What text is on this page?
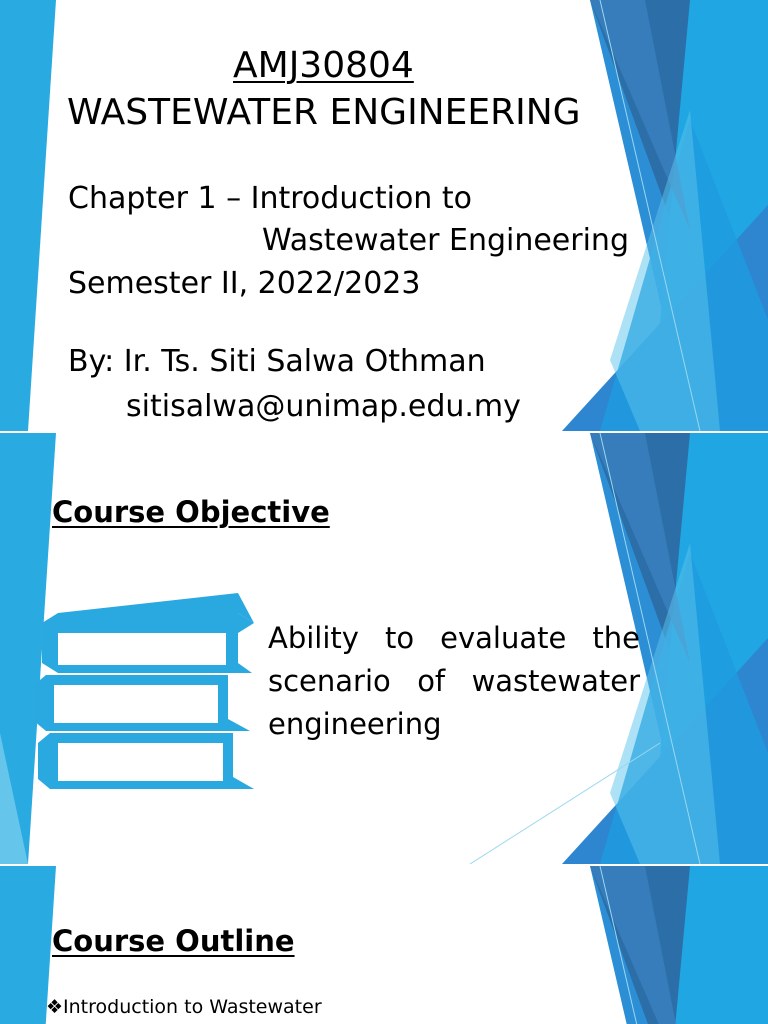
AMJ30804
WASTEWATER ENGINEERING
Chapter 1 – Introduction to
Wastewater Engineering
Semester II, 2022/2023
By: Ir. Ts. Siti Salwa Othman
sitisalwa@unimap.edu.my
Course Objective
Ability to evaluate the scenario of wastewater engineering
Course Outline
❖Introduction to Wastewater
